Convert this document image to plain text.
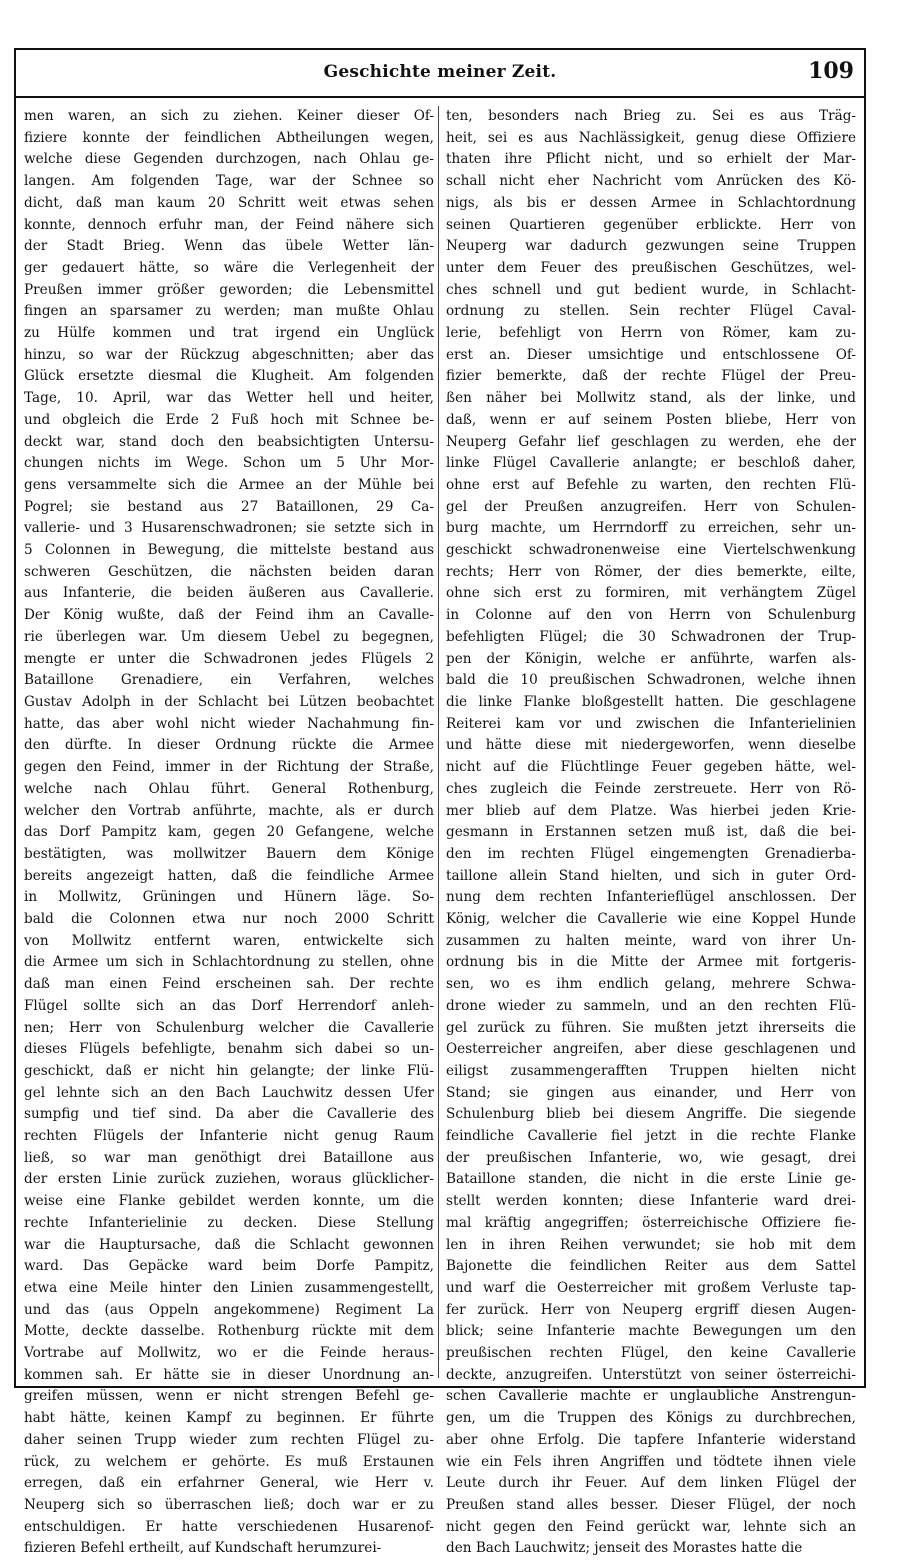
Geschichte meiner Zeit.	109
men waren, an sich zu ziehen. Keiner dieser Of-
fiziere konnte der feindlichen Abtheilungen wegen,
welche diese Gegenden durchzogen, nach Ohlau ge-
langen. Am folgenden Tage, war der Schnee so
dicht, daß man kaum 20 Schritt weit etwas sehen
konnte, dennoch erfuhr man, der Feind nähere sich
der Stadt Brieg. Wenn das übele Wetter län-
ger gedauert hätte, so wäre die Verlegenheit der
Preußen immer größer geworden; die Lebensmittel
fingen an sparsamer zu werden; man mußte Ohlau
zu Hülfe kommen und trat irgend ein Unglück
hinzu, so war der Rückzug abgeschnitten; aber das
Glück ersetzte diesmal die Klugheit. Am folgenden
Tage, 10. April, war das Wetter hell und heiter,
und obgleich die Erde 2 Fuß hoch mit Schnee be-
deckt war, stand doch den beabsichtigten Untersu-
chungen nichts im Wege. Schon um 5 Uhr Mor-
gens versammelte sich die Armee an der Mühle bei
Pogrel; sie bestand aus 27 Bataillonen, 29 Ca-
vallerie- und 3 Husarenschwadronen; sie setzte sich in
5 Colonnen in Bewegung, die mittelste bestand aus
schweren Geschützen, die nächsten beiden daran
aus Infanterie, die beiden äußeren aus Cavallerie.
Der König wußte, daß der Feind ihm an Cavalle-
rie überlegen war. Um diesem Uebel zu begegnen,
mengte er unter die Schwadronen jedes Flügels 2
Bataillone Grenadiere, ein Verfahren, welches
Gustav Adolph in der Schlacht bei Lützen beobachtet
hatte, das aber wohl nicht wieder Nachahmung fin-
den dürfte. In dieser Ordnung rückte die Armee
gegen den Feind, immer in der Richtung der Straße,
welche nach Ohlau führt. General Rothenburg,
welcher den Vortrab anführte, machte, als er durch
das Dorf Pampitz kam, gegen 20 Gefangene, welche
bestätigten, was mollwitzer Bauern dem Könige
bereits angezeigt hatten, daß die feindliche Armee
in Mollwitz, Grüningen und Hünern läge. So-
bald die Colonnen etwa nur noch 2000 Schritt
von Mollwitz entfernt waren, entwickelte sich
die Armee um sich in Schlachtordnung zu stellen, ohne
daß man einen Feind erscheinen sah. Der rechte
Flügel sollte sich an das Dorf Herrendorf anleh-
nen; Herr von Schulenburg welcher die Cavallerie
dieses Flügels befehligte, benahm sich dabei so un-
geschickt, daß er nicht hin gelangte; der linke Flü-
gel lehnte sich an den Bach Lauchwitz dessen Ufer
sumpfig und tief sind. Da aber die Cavallerie des
rechten Flügels der Infanterie nicht genug Raum
ließ, so war man genöthigt drei Bataillone aus
der ersten Linie zurück zuziehen, woraus glücklicher-
weise eine Flanke gebildet werden konnte, um die
rechte Infanterielinie zu decken. Diese Stellung
war die Hauptursache, daß die Schlacht gewonnen
ward. Das Gepäcke ward beim Dorfe Pampitz,
etwa eine Meile hinter den Linien zusammengestellt,
und das (aus Oppeln angekommene) Regiment La
Motte, deckte dasselbe. Rothenburg rückte mit dem
Vortrabe auf Mollwitz, wo er die Feinde heraus-
kommen sah. Er hätte sie in dieser Unordnung an-
greifen müssen, wenn er nicht strengen Befehl ge-
habt hätte, keinen Kampf zu beginnen. Er führte
daher seinen Trupp wieder zum rechten Flügel zu-
rück, zu welchem er gehörte. Es muß Erstaunen
erregen, daß ein erfahrner General, wie Herr v.
Neuperg sich so überraschen ließ; doch war er zu
entschuldigen. Er hatte verschiedenen Husarenof-
fizieren Befehl ertheilt, auf Kundschaft herumzurei-
ten, besonders nach Brieg zu. Sei es aus Träg-
heit, sei es aus Nachlässigkeit, genug diese Offiziere
thaten ihre Pflicht nicht, und so erhielt der Mar-
schall nicht eher Nachricht vom Anrücken des Kö-
nigs, als bis er dessen Armee in Schlachtordnung
seinen Quartieren gegenüber erblickte. Herr von
Neuperg war dadurch gezwungen seine Truppen
unter dem Feuer des preußischen Geschützes, wel-
ches schnell und gut bedient wurde, in Schlacht-
ordnung zu stellen. Sein rechter Flügel Caval-
lerie, befehligt von Herrn von Römer, kam zu-
erst an. Dieser umsichtige und entschlossene Of-
fizier bemerkte, daß der rechte Flügel der Preu-
ßen näher bei Mollwitz stand, als der linke, und
daß, wenn er auf seinem Posten bliebe, Herr von
Neuperg Gefahr lief geschlagen zu werden, ehe der
linke Flügel Cavallerie anlangte; er beschloß daher,
ohne erst auf Befehle zu warten, den rechten Flü-
gel der Preußen anzugreifen. Herr von Schulen-
burg machte, um Herrndorff zu erreichen, sehr un-
geschickt schwadronenweise eine Viertelschwenkung
rechts; Herr von Römer, der dies bemerkte, eilte,
ohne sich erst zu formiren, mit verhängtem Zügel
in Colonne auf den von Herrn von Schulenburg
befehligten Flügel; die 30 Schwadronen der Trup-
pen der Königin, welche er anführte, warfen als-
bald die 10 preußischen Schwadronen, welche ihnen
die linke Flanke bloßgestellt hatten. Die geschlagene
Reiterei kam vor und zwischen die Infanterielinien
und hätte diese mit niedergeworfen, wenn dieselbe
nicht auf die Flüchtlinge Feuer gegeben hätte, wel-
ches zugleich die Feinde zerstreuete. Herr von Rö-
mer blieb auf dem Platze. Was hierbei jeden Krie-
gesmann in Erstannen setzen muß ist, daß die bei-
den im rechten Flügel eingemengten Grenadierba-
taillone allein Stand hielten, und sich in guter Ord-
nung dem rechten Infanterieflügel anschlossen. Der
König, welcher die Cavallerie wie eine Koppel Hunde
zusammen zu halten meinte, ward von ihrer Un-
ordnung bis in die Mitte der Armee mit fortgeris-
sen, wo es ihm endlich gelang, mehrere Schwa-
drone wieder zu sammeln, und an den rechten Flü-
gel zurück zu führen. Sie mußten jetzt ihrerseits die
Oesterreicher angreifen, aber diese geschlagenen und
eiligst zusammengerafften Truppen hielten nicht
Stand; sie gingen aus einander, und Herr von
Schulenburg blieb bei diesem Angriffe. Die siegende
feindliche Cavallerie fiel jetzt in die rechte Flanke
der preußischen Infanterie, wo, wie gesagt, drei
Bataillone standen, die nicht in die erste Linie ge-
stellt werden konnten; diese Infanterie ward drei-
mal kräftig angegriffen; österreichische Offiziere fie-
len in ihren Reihen verwundet; sie hob mit dem
Bajonette die feindlichen Reiter aus dem Sattel
und warf die Oesterreicher mit großem Verluste tap-
fer zurück. Herr von Neuperg ergriff diesen Augen-
blick; seine Infanterie machte Bewegungen um den
preußischen rechten Flügel, den keine Cavallerie
deckte, anzugreifen. Unterstützt von seiner österreichi-
schen Cavallerie machte er unglaubliche Anstrengun-
gen, um die Truppen des Königs zu durchbrechen,
aber ohne Erfolg. Die tapfere Infanterie widerstand
wie ein Fels ihren Angriffen und tödtete ihnen viele
Leute durch ihr Feuer. Auf dem linken Flügel der
Preußen stand alles besser. Dieser Flügel, der noch
nicht gegen den Feind gerückt war, lehnte sich an
den Bach Lauchwitz; jenseit des Morastes hatte die
